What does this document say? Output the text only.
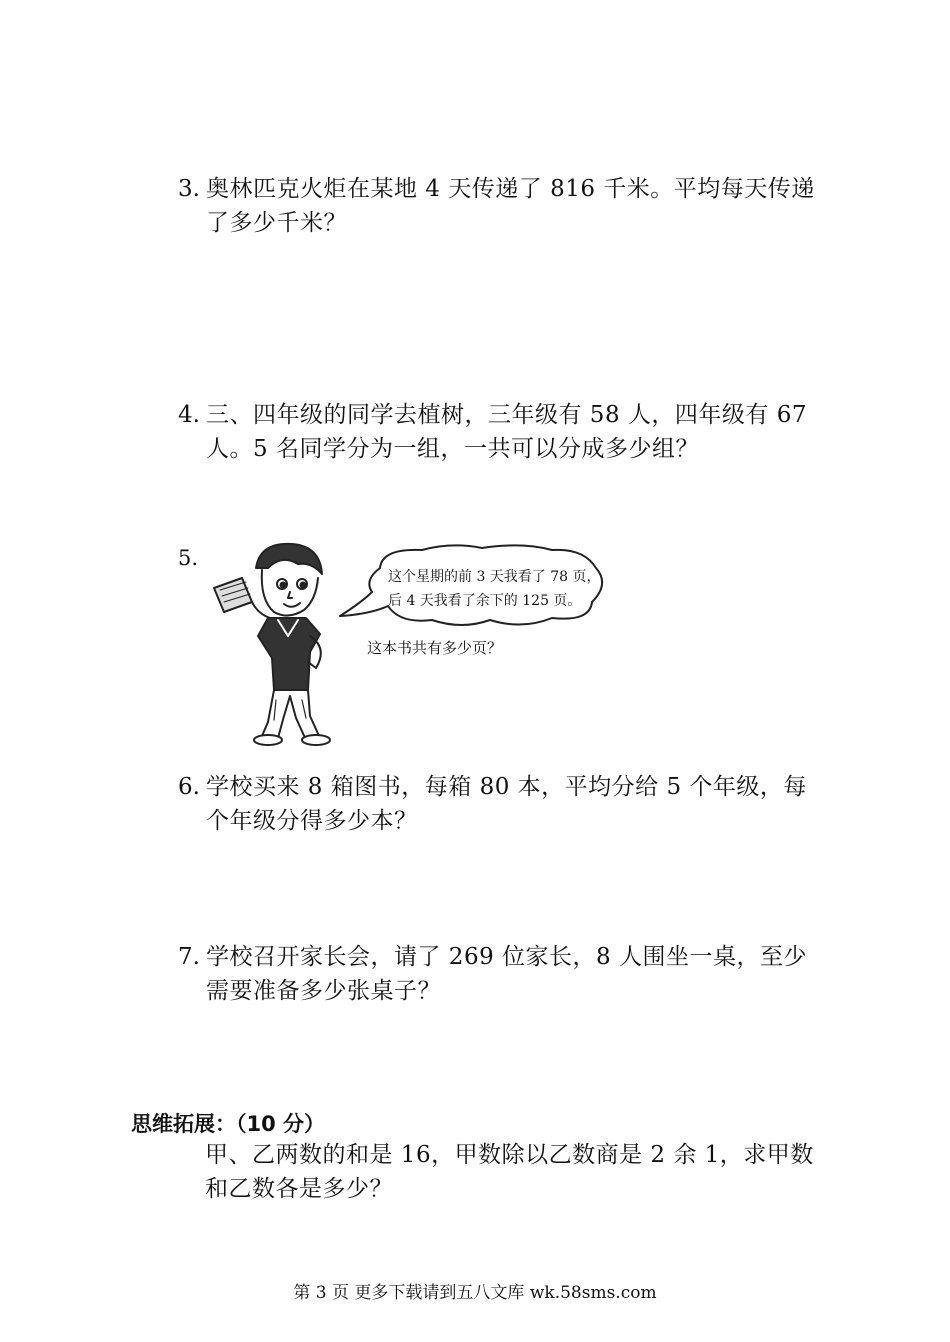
3. 奥林匹克火炬在某地 4 天传递了 816 千米。平均每天传递了多少千米？
4. 三、四年级的同学去植树，三年级有 58 人，四年级有 67 人。5 名同学分为一组，一共可以分成多少组？
5.
这个星期的前 3 天我看了 78 页，
后 4 天我看了余下的 125 页。
这本书共有多少页？
6. 学校买来 8 箱图书，每箱 80 本，平均分给 5 个年级，每个年级分得多少本？
7. 学校召开家长会，请了 269 位家长，8 人围坐一桌，至少需要准备多少张桌子？
思维拓展：（10 分）
甲、乙两数的和是 16，甲数除以乙数商是 2 余 1，求甲数和乙数各是多少？
第 3 页 更多下载请到五八文库 wk.58sms.com
